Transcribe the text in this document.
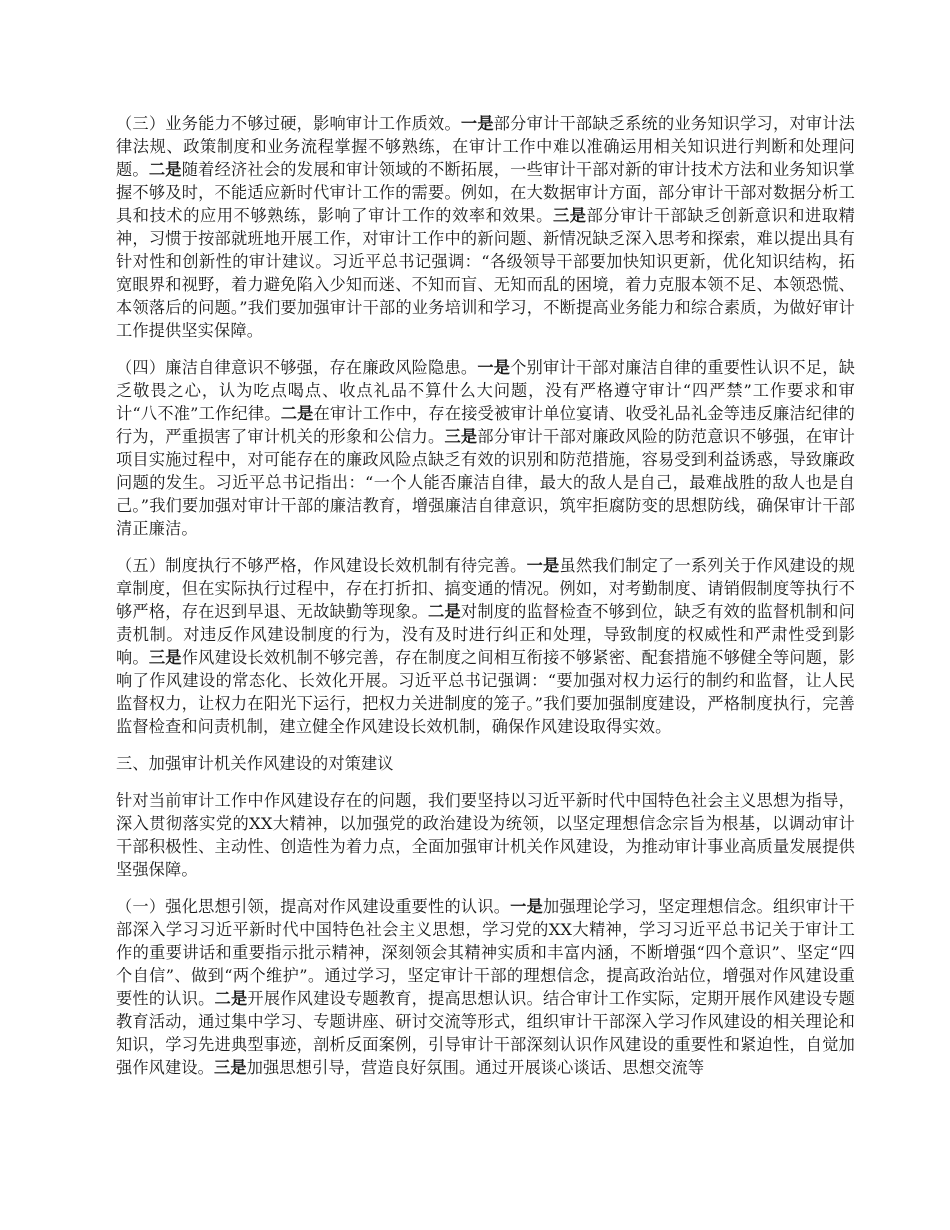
（三）业务能力不够过硬，影响审计工作质效。一是部分审计干部缺乏系统的业务知识学习，对审计法律法规、政策制度和业务流程掌握不够熟练，在审计工作中难以准确运用相关知识进行判断和处理问题。二是随着经济社会的发展和审计领域的不断拓展，一些审计干部对新的审计技术方法和业务知识掌握不够及时，不能适应新时代审计工作的需要。例如，在大数据审计方面，部分审计干部对数据分析工具和技术的应用不够熟练，影响了审计工作的效率和效果。三是部分审计干部缺乏创新意识和进取精神，习惯于按部就班地开展工作，对审计工作中的新问题、新情况缺乏深入思考和探索，难以提出具有针对性和创新性的审计建议。习近平总书记强调：“各级领导干部要加快知识更新，优化知识结构，拓宽眼界和视野，着力避免陷入少知而迷、不知而盲、无知而乱的困境，着力克服本领不足、本领恐慌、本领落后的问题。”我们要加强审计干部的业务培训和学习，不断提高业务能力和综合素质，为做好审计工作提供坚实保障。

（四）廉洁自律意识不够强，存在廉政风险隐患。一是个别审计干部对廉洁自律的重要性认识不足，缺乏敬畏之心，认为吃点喝点、收点礼品不算什么大问题，没有严格遵守审计“四严禁”工作要求和审计“八不准”工作纪律。二是在审计工作中，存在接受被审计单位宴请、收受礼品礼金等违反廉洁纪律的行为，严重损害了审计机关的形象和公信力。三是部分审计干部对廉政风险的防范意识不够强，在审计项目实施过程中，对可能存在的廉政风险点缺乏有效的识别和防范措施，容易受到利益诱惑，导致廉政问题的发生。习近平总书记指出：“一个人能否廉洁自律，最大的敌人是自己，最难战胜的敌人也是自己。”我们要加强对审计干部的廉洁教育，增强廉洁自律意识，筑牢拒腐防变的思想防线，确保审计干部清正廉洁。

（五）制度执行不够严格，作风建设长效机制有待完善。一是虽然我们制定了一系列关于作风建设的规章制度，但在实际执行过程中，存在打折扣、搞变通的情况。例如，对考勤制度、请销假制度等执行不够严格，存在迟到早退、无故缺勤等现象。二是对制度的监督检查不够到位，缺乏有效的监督机制和问责机制。对违反作风建设制度的行为，没有及时进行纠正和处理，导致制度的权威性和严肃性受到影响。三是作风建设长效机制不够完善，存在制度之间相互衔接不够紧密、配套措施不够健全等问题，影响了作风建设的常态化、长效化开展。习近平总书记强调：“要加强对权力运行的制约和监督，让人民监督权力，让权力在阳光下运行，把权力关进制度的笼子。”我们要加强制度建设，严格制度执行，完善监督检查和问责机制，建立健全作风建设长效机制，确保作风建设取得实效。

三、加强审计机关作风建设的对策建议

针对当前审计工作中作风建设存在的问题，我们要坚持以习近平新时代中国特色社会主义思想为指导，深入贯彻落实党的XX大精神，以加强党的政治建设为统领，以坚定理想信念宗旨为根基，以调动审计干部积极性、主动性、创造性为着力点，全面加强审计机关作风建设，为推动审计事业高质量发展提供坚强保障。

（一）强化思想引领，提高对作风建设重要性的认识。一是加强理论学习，坚定理想信念。组织审计干部深入学习习近平新时代中国特色社会主义思想，学习党的XX大精神，学习习近平总书记关于审计工作的重要讲话和重要指示批示精神，深刻领会其精神实质和丰富内涵，不断增强“四个意识”、坚定“四个自信”、做到“两个维护”。通过学习，坚定审计干部的理想信念，提高政治站位，增强对作风建设重要性的认识。二是开展作风建设专题教育，提高思想认识。结合审计工作实际，定期开展作风建设专题教育活动，通过集中学习、专题讲座、研讨交流等形式，组织审计干部深入学习作风建设的相关理论和知识，学习先进典型事迹，剖析反面案例，引导审计干部深刻认识作风建设的重要性和紧迫性，自觉加强作风建设。三是加强思想引导，营造良好氛围。通过开展谈心谈话、思想交流等
